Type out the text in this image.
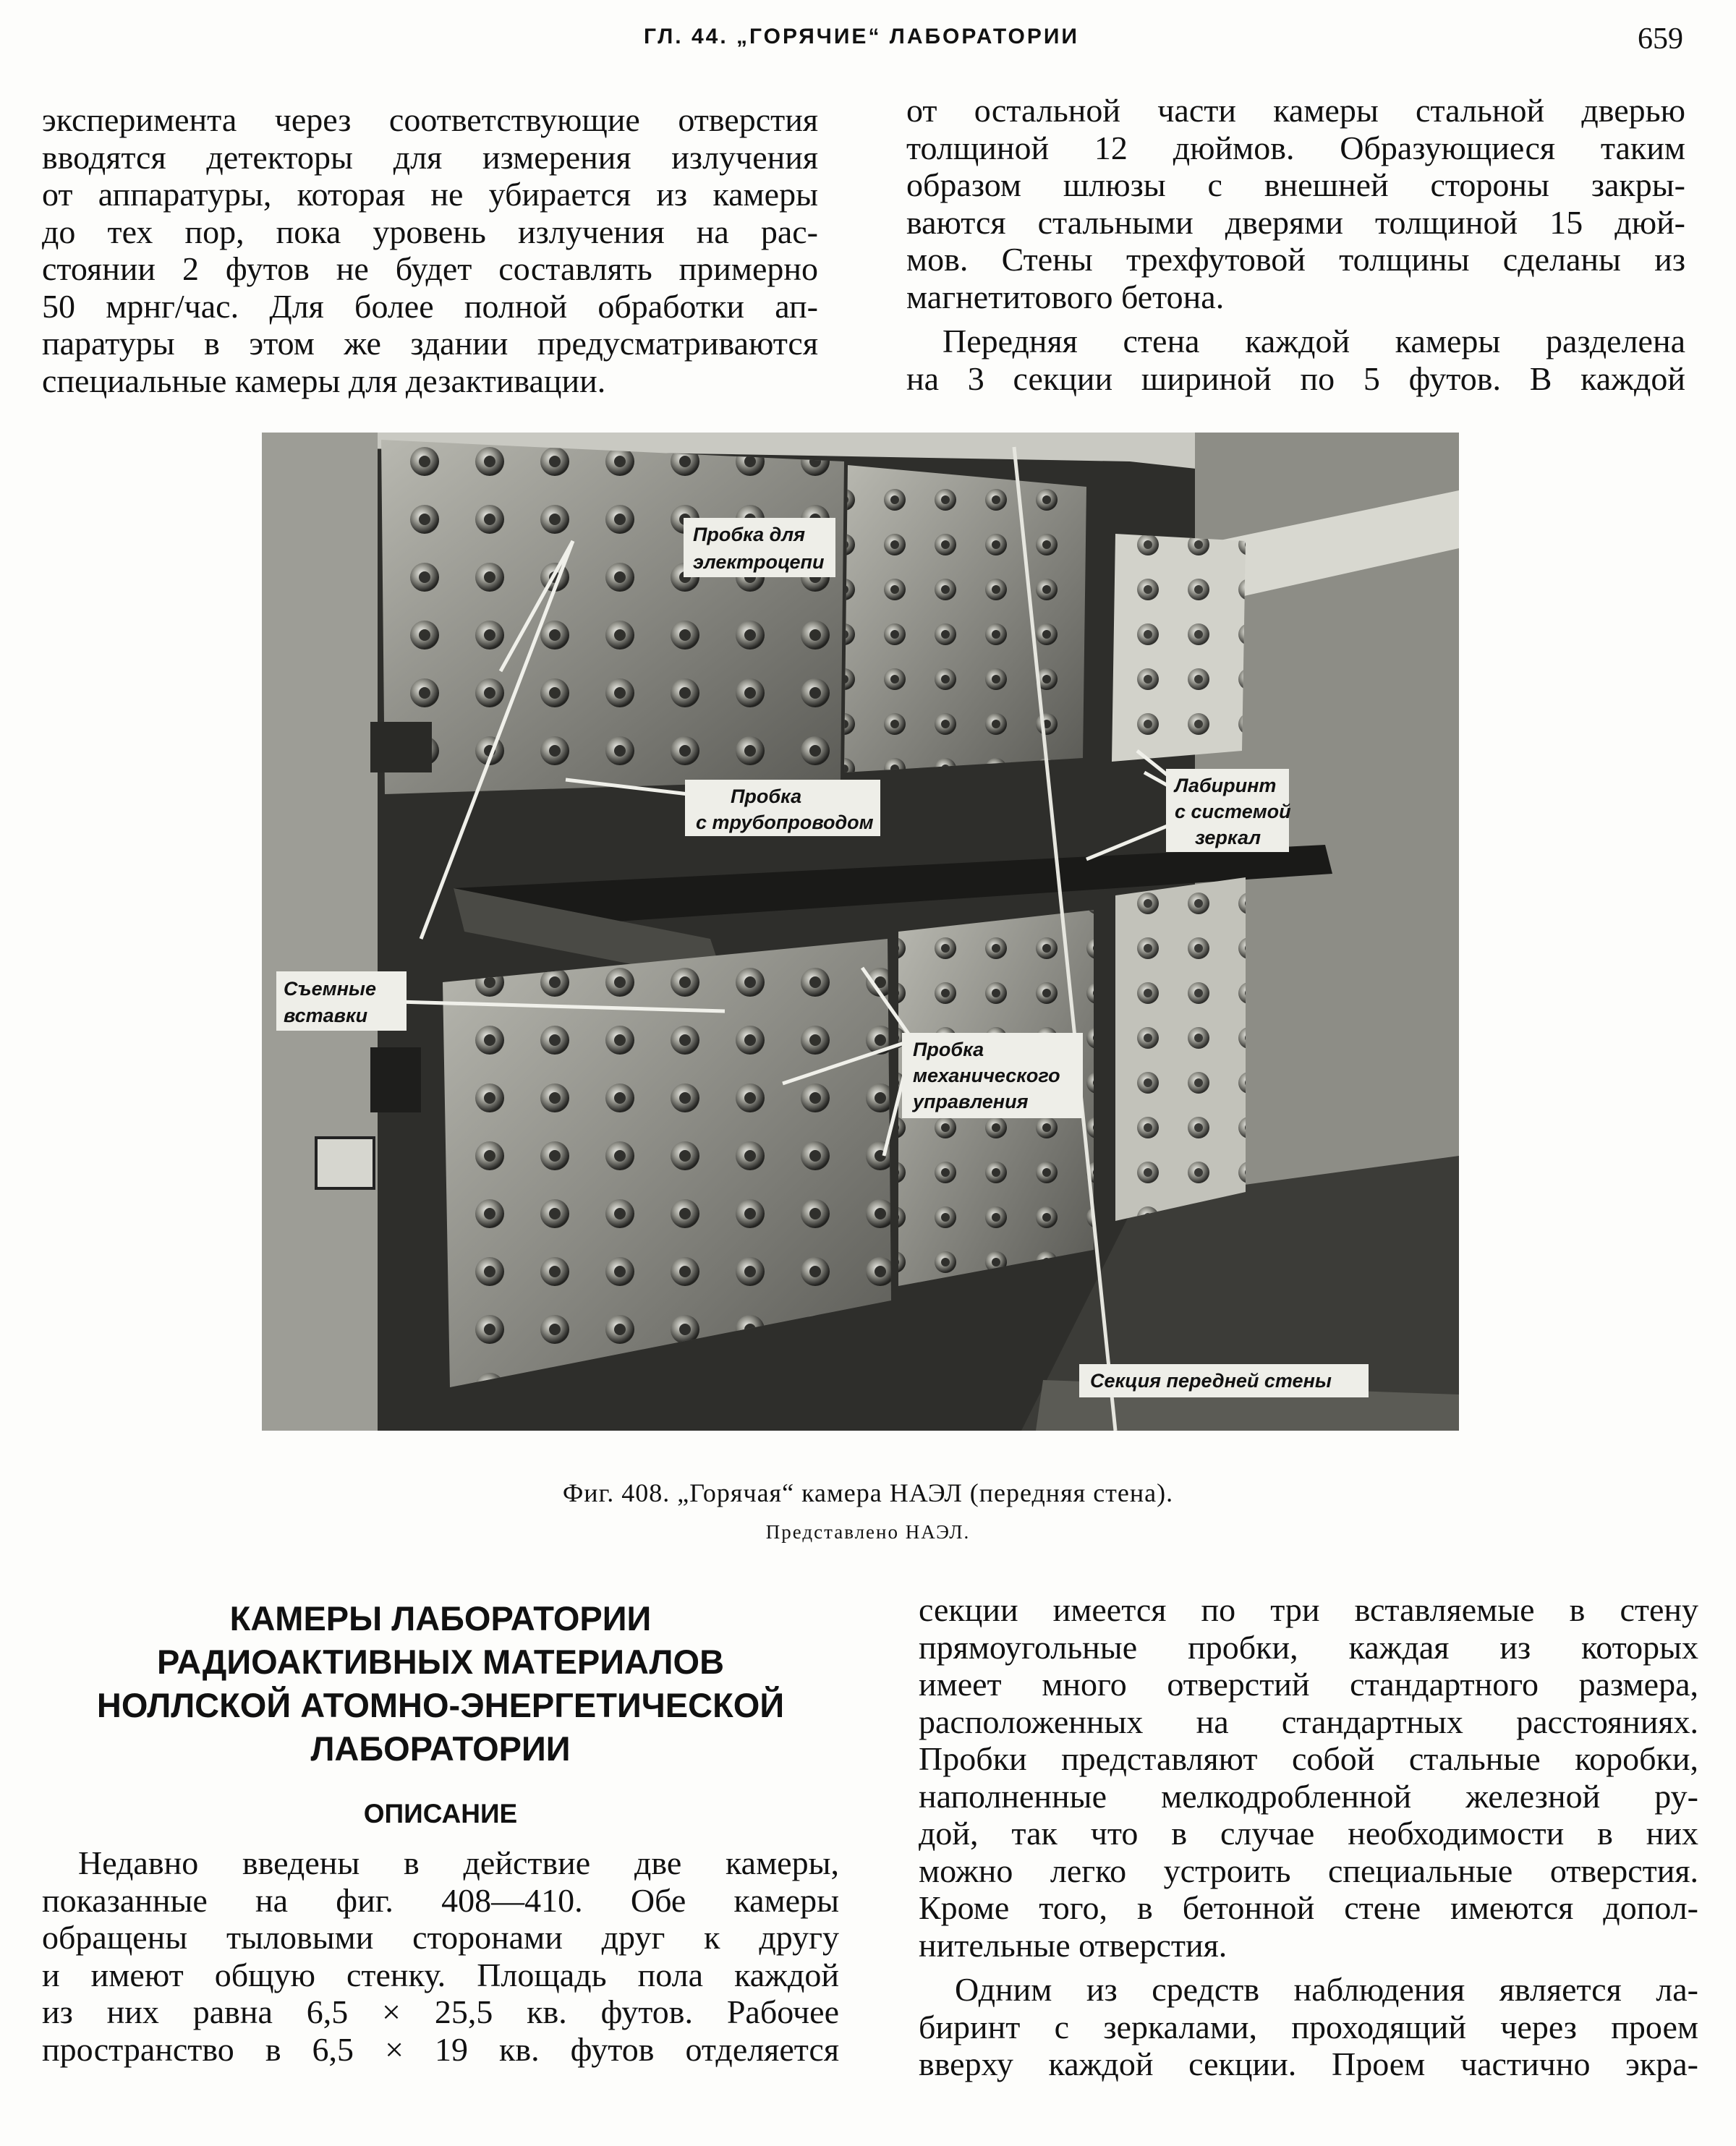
ГЛ. 44. „ГОРЯЧИЕ“ ЛАБОРАТОРИИ	659
эксперимента через соответствующие отверстия
вводятся детекторы для измерения излучения
от аппаратуры, которая не убирается из камеры
до тех пор, пока уровень излучения на рас-
стоянии 2 футов не будет составлять примерно
50 мрнг/час. Для более полной обработки ап-
паратуры в этом же здании предусматриваются
специальные камеры для дезактивации.
от остальной части камеры стальной дверью
толщиной 12 дюймов. Образующиеся таким
образом шлюзы с внешней стороны закры-
ваются стальными дверями толщиной 15 дюй-
мов. Стены трехфутовой толщины сделаны из
магнетитового бетона.
Передняя стена каждой камеры разделена
на 3 секции шириной по 5 футов. В каждой
Пробка для
электроцепи
Пробка
с трубопроводом
Лабиринт
с системой
зеркал
Съемные
вставки
Пробка
механического
управления
Секция передней стены
Фиг. 408. „Горячая“ камера НАЭЛ (передняя стена).
Представлено НАЭЛ.
КАМЕРЫ ЛАБОРАТОРИИ
РАДИОАКТИВНЫХ МАТЕРИАЛОВ
НОЛЛСКОЙ АТОМНО-ЭНЕРГЕТИЧЕСКОЙ
ЛАБОРАТОРИИ
ОПИСАНИЕ
Недавно введены в действие две камеры,
показанные на фиг. 408—410. Обе камеры
обращены тыловыми сторонами друг к другу
и имеют общую стенку. Площадь пола каждой
из них равна 6,5 × 25,5 кв. футов. Рабочее
пространство в 6,5 × 19 кв. футов отделяется
секции имеется по три вставляемые в стену
прямоугольные пробки, каждая из которых
имеет много отверстий стандартного размера,
расположенных на стандартных расстояниях.
Пробки представляют собой стальные коробки,
наполненные мелкодробленной железной ру-
дой, так что в случае необходимости в них
можно легко устроить специальные отверстия.
Кроме того, в бетонной стене имеются допол-
нительные отверстия.
Одним из средств наблюдения является ла-
биринт с зеркалами, проходящий через проем
вверху каждой секции. Проем частично экра-
